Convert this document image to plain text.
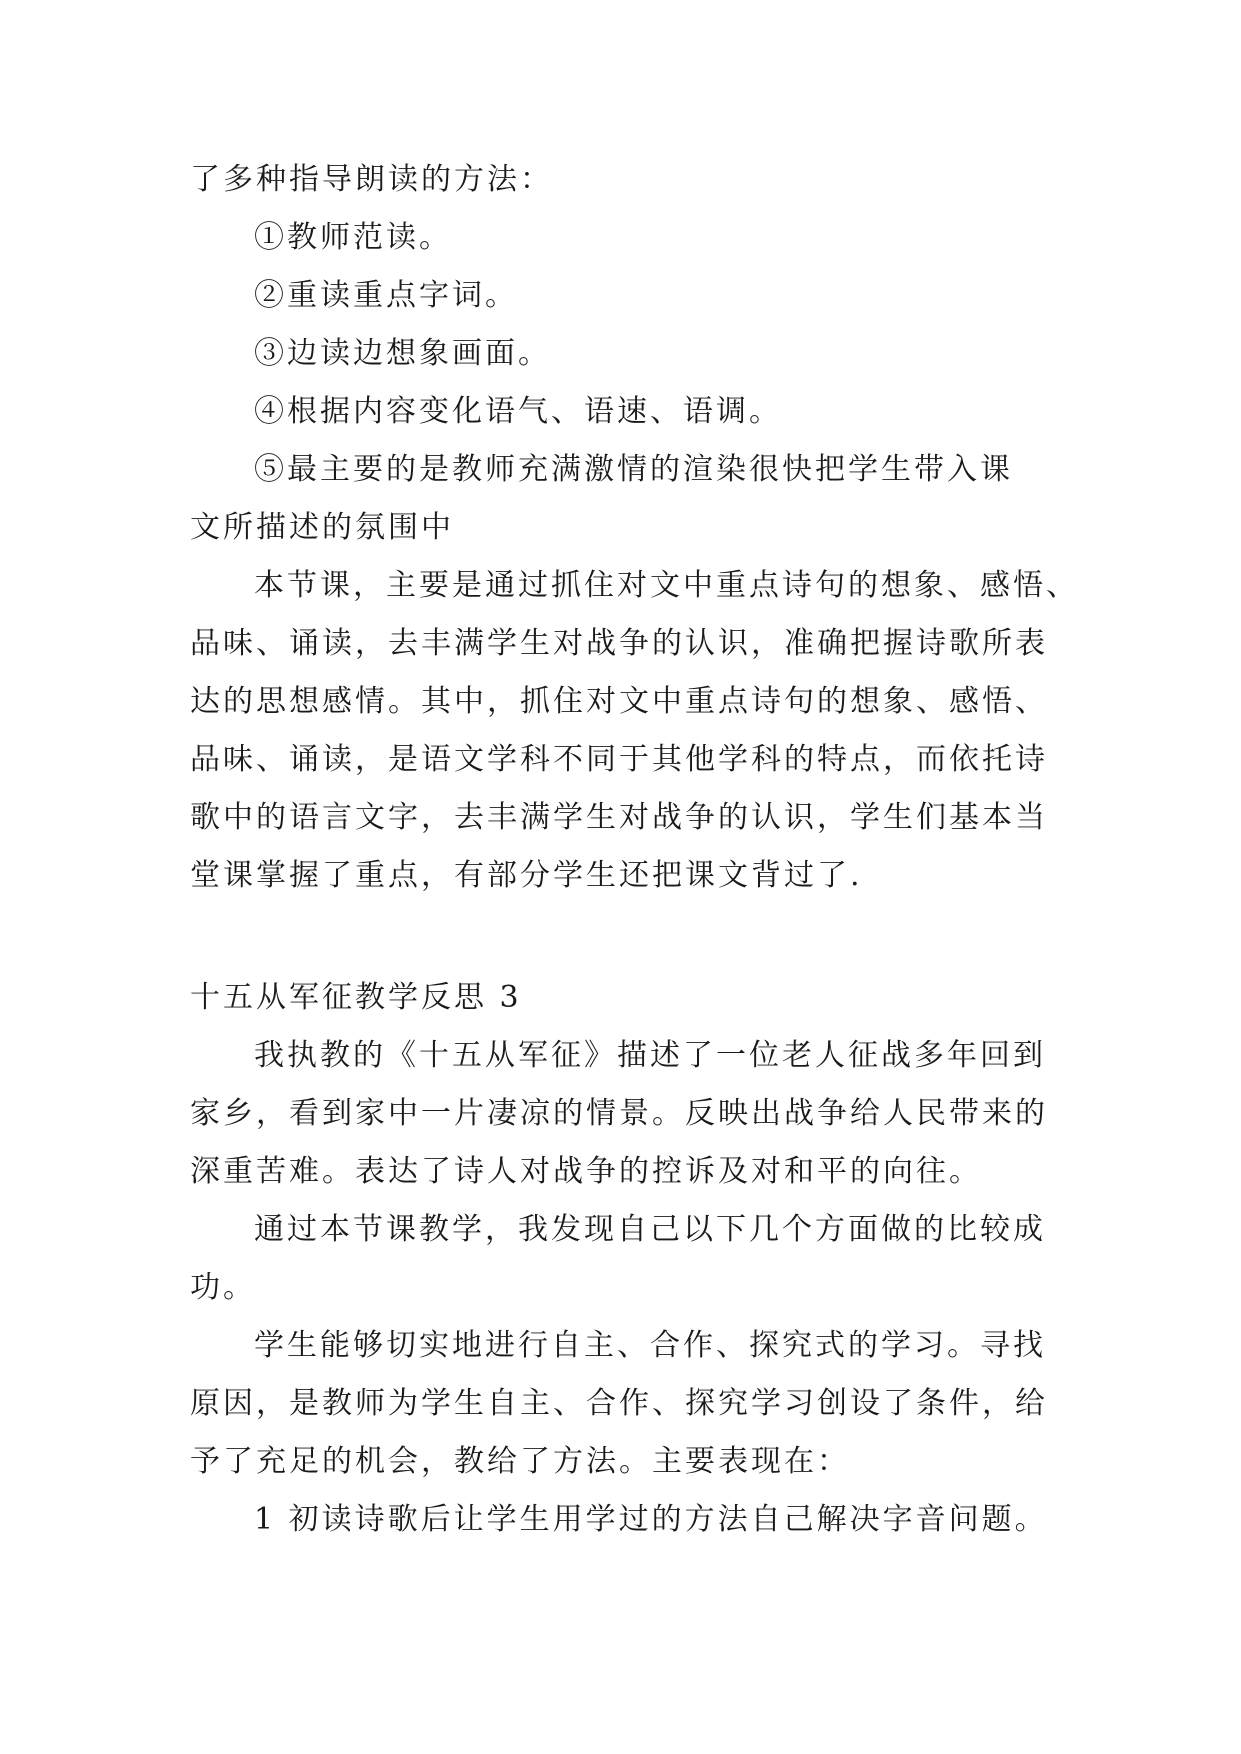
了多种指导朗读的方法：
①教师范读。
②重读重点字词。
③边读边想象画面。
④根据内容变化语气、语速、语调。
⑤最主要的是教师充满激情的渲染很快把学生带入课
文所描述的氛围中
本节课，主要是通过抓住对文中重点诗句的想象、感悟、
品味、诵读，去丰满学生对战争的认识，准确把握诗歌所表
达的思想感情。其中，抓住对文中重点诗句的想象、感悟、
品味、诵读，是语文学科不同于其他学科的特点，而依托诗
歌中的语言文字，去丰满学生对战争的认识，学生们基本当
堂课掌握了重点，有部分学生还把课文背过了.
十五从军征教学反思 3
我执教的《十五从军征》描述了一位老人征战多年回到
家乡，看到家中一片凄凉的情景。反映出战争给人民带来的
深重苦难。表达了诗人对战争的控诉及对和平的向往。
通过本节课教学，我发现自己以下几个方面做的比较成
功。
学生能够切实地进行自主、合作、探究式的学习。寻找
原因，是教师为学生自主、合作、探究学习创设了条件，给
予了充足的机会，教给了方法。主要表现在：
1 初读诗歌后让学生用学过的方法自己解决字音问题。
